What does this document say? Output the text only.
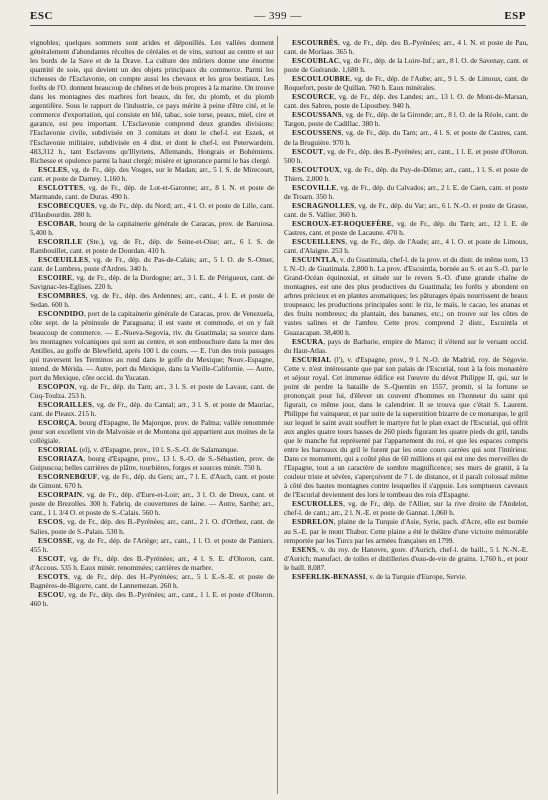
ESC	— 399 —	ESP

vignobles; quelques sommets sont arides et dépouillés. Les vallées donnent généralement d'abondantes récoltes de céréales et de vins, surtout au centre et sur les bords de la Save et de la Drave. La culture des mûriers donne une énorme quantité de soie, qui devient un des objets principaux du commerce. Parmi les richesses de l'Esclavonie, on compte aussi les chevaux et les gros bestiaux. Les forêts de l'O. donnent beaucoup de chênes et de bois propres à la marine. On trouve dans les montagnes des marbres fort beaux, du fer, du plomb, et du plomb argentifère. Sous le rapport de l'industrie, ce pays mérite à peine d'être cité, et le commerce d'exportation, qui consiste en blé, tabac, soie torse, peaux, miel, cire et garance, est peu important. L'Esclavonie comprend deux grandes divisions: l'Esclavonie civile, subdivisée en 3 comitats et dont le chef-l. est Eszek, et l'Esclavonie militaire, subdivisée en 4 dist. et dont le chef-l. est Peterwardein. 483,312 h., tant Esclavons qu'Illyriens, Allemands, Hongrais et Bohémiens. Richesse et opulence parmi la haut clergé; misère et ignorance parmi le bas clergé.

ESCLES, vg. de Fr., dép. des Vosges, sur le Madan; arr., 5 l. S. de Mirecourt, cant. et poste de Darney. 1,160 h.

ESCLOTTES, vg. de Fr., dép. de Lot-et-Garonne; arr., 8 l. N. et poste de Marmande, cant. de Duras. 490 h.

ESCOBECQUES, vg. de Fr., dép. du Nord; arr., 4 l. O. et poste de Lille, cant. d'Haubourdin. 280 h.

ESCOBAR, bourg de la capitainerie générale de Caracas, prov. de Baruiosa. 5,400 h.

ESCORILLE (Ste.), vg. de Fr., dép. de Seine-et-Oise; arr., 6 l. S. de Rambouillet, cant. et poste de Dourdan. 410 h.

ESCŒUILLES, vg. de Fr., dép. du Pas-de-Calais; arr., 5 l. O. de S.-Omer, cant. de Lumbres, poste d'Ardres. 340 h.

ESCOIRE, vg. de Fr., dép. de la Dordogne; arr., 3 l. E. de Périgueux, cant. de Savignac-les-Eglises. 220 h.

ESCOMBRES, vg. de Fr., dép. des Ardennes; arr., cant., 4 l. E. et poste de Sedan. 600 h.

ESCONDIDO, port de la capitainerie générale de Caracas, prov. de Venezuela, côte sept. de la péninsule de Paraguana; il est vaste et commode, et on y fait beaucoup de commerce. — E.-Nueva-Segovia, riv. du Guatimala; sa source dans les montagnes volcaniques qui sont au centre, et son embouchure dans la mer des Antilles, au golfe de Blewfield, après 100 l. de cours. — E. l'un des trois passages qui traversent les Terminos au rond dans le golfe du Mexique; Nouv.-Espagne, intend. de Mérida. — Autre, port du Mexique, dans la Vieille-Californie. — Autre, port du Mexique, côte occid. du Yucatan.

ESCOPON, vg. de Fr., dép. du Tarn; arr., 3 l. S. et poste de Lavaur, cant. de Cuq-Toulza. 253 h.

ESCORAILLES, vg. de Fr., dép. du Cantal; arr., 3 l. S. et poste de Mauriac, cant. de Pleaux. 215 h.

ESCORÇA, bourg d'Espagne, île Majorque, prov. de Palma; vallée renommée pour son excellent vin de Malvoisie et de Montona qui appartient aux moines de la collégiale.

ESCORIAL (el), v. d'Espagne, prov., 10 l. S.-S.-O. de Salamanque.

ESCORIAZA, bourg d'Espagne, prov., 13 l. S.-O. de S.-Sébastien, prov. de Guipuscoa; belles carrières de plâtre, tourbières, forges et sources minér. 750 h.

ESCORNEBŒUF, vg. de Fr., dép. du Gers; arr., 7 l. E. d'Auch, cant. et poste de Gimont. 670 h.

ESCORPAIN, vg. de Fr., dép. d'Eure-et-Loir; arr., 3 l. O. de Dreux, cant. et poste de Brezolles. 300 h. Fabriq. de couvertures de laine. — Autre, Sarthe; arr., cant., 1 l. 3/4 O. et poste de S.-Calais. 560 h.

ESCOS, vg. de Fr., dép. des B.-Pyrénées; arr., cant., 2 l. O. d'Orthez, cant. de Salies, poste de S.-Palais. 530 h.

ESCOSSE, vg. de Fr., dép. de l'Ariège; arr., cant., 1 l. O. et poste de Pamiers. 455 h.

ESCOT, vg. de Fr., dép. des B.-Pyrénées; arr., 4 l. S. E. d'Oloron, cant. d'Accous. 535 h. Eaux minér. renommées; carrières de marbre.

ESCOTS, vg. de Fr., dép. des H.-Pyrénées; arr., 5 l. E.-S.-E. et poste de Bagnères-de-Bigorre, cant. de Lannemezan. 260 h.

ESCOU, vg. de Fr., dép. des B.-Pyrénées; arr., cant., 1 l. E. et poste d'Oloron. 460 h.

ESCOURBÈS, vg. de Fr., dép. des B.-Pyrénées; arr., 4 l. N. et poste de Pau, cant. de Morlaas. 365 h.

ESCOUBLAC, vg. de Fr., dép. de la Loire-Inf.; arr., 8 l. O. de Savenay, cant. et poste de Guérande. 1,680 h.

ESCOULOUBRE, vg. de Fr., dép. de l'Aube; arr., 9 l. S. de Limoux, cant. de Roquefort, poste de Quillan. 760 h. Eaux minérales.

ESCOURCE, vg. de Fr., dép. des Landes; arr., 13 l. O. de Mont-de-Marsan, cant. des Sabres, poste de Lipostbey. 940 h.

ESCOUSSANS, vg. de Fr., dép. de la Gironde; arr., 8 l. O. de la Réole, cant. de Targon, poste de Cadillac. 380 h.

ESCOUSSENS, vg. de Fr., dép. du Tarn; arr., 4 l. S. et poste de Castres, cant. de la Bruguière. 970 h.

ESCOUT, vg. de Fr., dép. des B.-Pyrénées; arr., cant., 1 l. E. et poste d'Oloron. 500 h.

ESCOUTOUX, vg. de Fr., dép. du Puy-de-Dôme; arr., cant., 1 l. S. et poste de Thiers. 2,000 h.

ESCOVILLE, vg. de Fr., dép. du Calvados; arr., 2 l. E. de Caen, cant. et poste de Troarn. 350 h.

ESCRAGNOLLES, vg. de Fr., dép. du Var; arr., 6 l. N.-O. et poste de Grasse, cant. de S. Vallier. 360 h.

ESCROUX-ET-ROQUEFÈRE, vg. de Fr., dép. du Tarn; arr., 12 l. E. de Castres, cant. et poste de Lacaune. 470 h.

ESCUEILLENS, vg. de Fr., dép. de l'Aude; arr., 4 l. O. et poste de Limoux, cant. d'Alaigne. 253 h.

ESCUINTLA, v. du Guatimala, chef-l. de la prov. et du distr. de même nom, 13 l. N.-O. de Guatimala. 2,800 h. La prov. d'Escuintla, bornée au S. et au S.-O. par le Grand-Océan équinoxial, et située sur le revers S.-O. d'une grande chaîne de montagnes, est une des plus productives du Guatimala; les forêts y abondent en arbres précieux et en plantes aromatiques; les pâturages épais nourrissent de beaux troupeaux; les productions principales sont: le riz, le maïs, le cacao, les ananas et des fruits nombreux; du plantain, des bananes, etc.; on trouve sur les côtes de vastes salines et de l'ambre. Cette prov. comprend 2 distr., Escuintla et Guazacapan. 38,400 h.

ESCURA, pays de Barbarie, empire de Maroc; il s'étend sur le versant occid. du Haut-Atlas.

ESCURIAL (l'), v. d'Espagne, prov., 9 l. N.-O. de Madrid, roy. de Ségovie. Cette v. n'est intéressante que par son palais de l'Escurial, tout à la fois monastère et séjour royal. Cet immense édifice est l'œuvre du dévot Philippe II, qui, sur le point de perdre la bataille de S.-Quentin en 1557, promit, si la fortune se prononçait pour lui, d'élever un couvent d'hommes en l'honneur du saint qui figurait, ce même jour, dans le calendrier. Il se trouva que c'était S. Laurent. Philippe fut vainqueur, et par suite de la superstition bizarre de ce monarque, le gril sur lequel le saint avait souffert le martyre fut le plan exact de l'Escurial, qui offrit aux angles quatre tours basses de 260 pieds figurant les quatre pieds du gril, tandis que le manche fut représenté par l'appartement du roi, et que les espaces compris entre les barreaux du gril le furent par les onze cours carrées qui sont l'intérieur. Dans ce monument, qui a coûté plus de 60 millions et qui est une des merveilles de l'Espagne, tout a un caractère de sombre magnificence; ses murs de granit, à la couleur triste et sévère, s'aperçoivent de 7 l. de distance, et il paraît colossal même à côté des hautes montagnes contre lesquelles il s'appuie. Les somptueux caveaux de l'Escurial deviennent des lors le tombeau des rois d'Espagne.

ESCUROLLES, vg. de Fr., dép. de l'Allier, sur la rive droite de l'Andelot, chef-l. de cant.; arr., 2 l. N.-E. et poste de Gannat. 1,060 h.

ESDRELON, plaine de la Turquie d'Asie, Syrie, pach. d'Acre, elle est bornée au S.-E. par le mont Thabor. Cette plaine a été le théâtre d'une victoire mémorable remportée par les Turcs par les armées françaises en 1799.

ESENS, v. du roy. de Hanovre, gouv. d'Aurich, chef-l. de baill., 5 l. N.-N.-E. d'Aurich; manufact. de toiles et distilleries d'eau-de-vie de grains. 1,760 h., et pour le baill. 8,087.

ESFERLIK-BENASSI, v. de la Turquie d'Europe, Servie.
